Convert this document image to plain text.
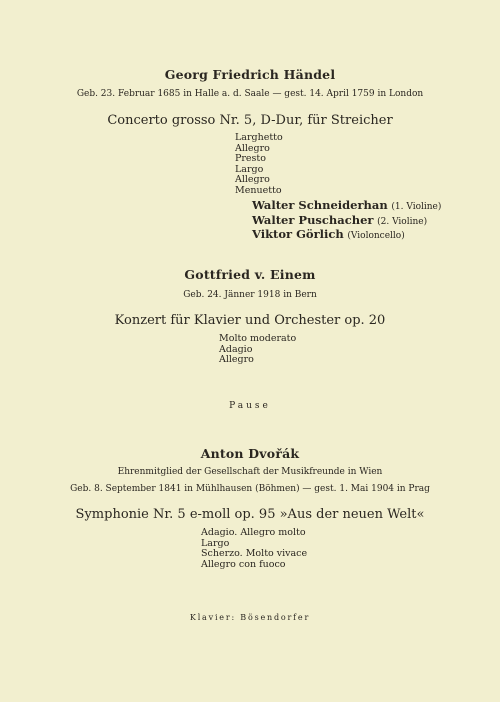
Georg Friedrich Händel
Geb. 23. Februar 1685 in Halle a. d. Saale — gest. 14. April 1759 in London
Concerto grosso Nr. 5, D-Dur, für Streicher
Larghetto
Allegro
Presto
Largo
Allegro
Menuetto
Walter Schneiderhan (1. Violine)
Walter Puschacher (2. Violine)
Viktor Görlich (Violoncello)
Gottfried v. Einem
Geb. 24. Jänner 1918 in Bern
Konzert für Klavier und Orchester op. 20
Molto moderato
Adagio
Allegro
Pause
Anton Dvořák
Ehrenmitglied der Gesellschaft der Musikfreunde in Wien
Geb. 8. September 1841 in Mühlhausen (Böhmen) — gest. 1. Mai 1904 in Prag
Symphonie Nr. 5 e-moll op. 95 »Aus der neuen Welt«
Adagio. Allegro molto
Largo
Scherzo. Molto vivace
Allegro con fuoco
Klavier: Bösendorfer
